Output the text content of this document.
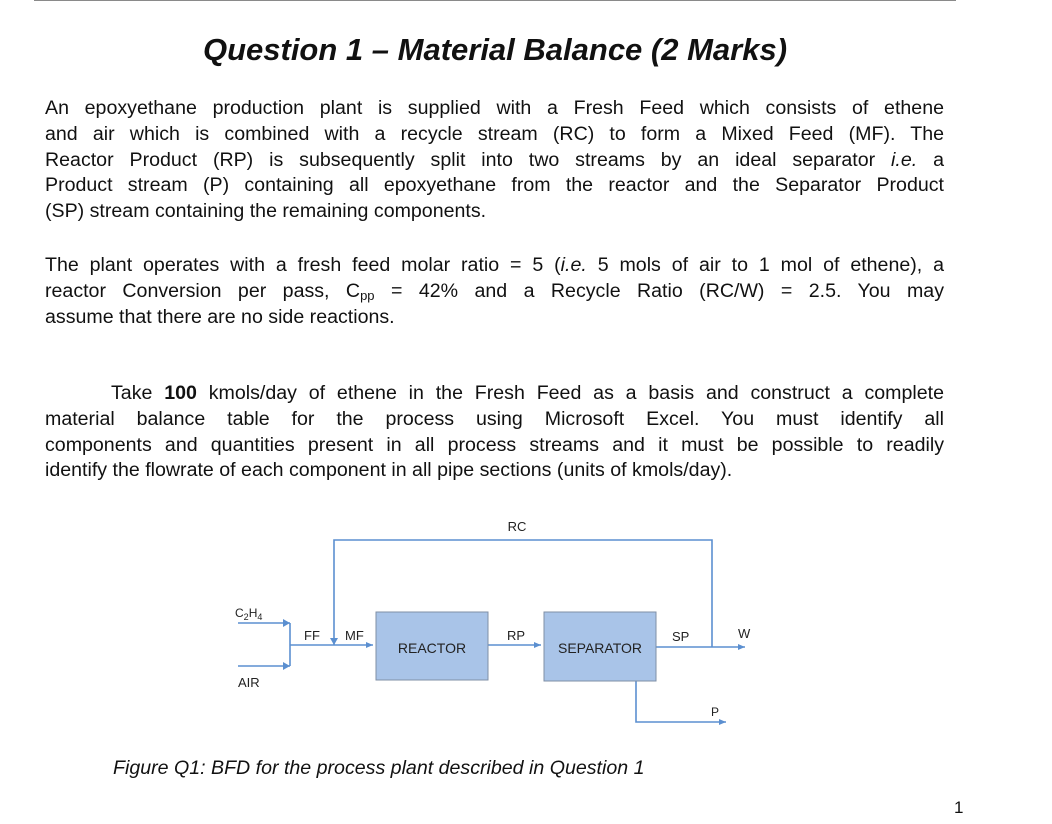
Question 1 – Material Balance (2 Marks)
An epoxyethane production plant is supplied with a Fresh Feed which consists of ethene
and air which is combined with a recycle stream (RC) to form a Mixed Feed (MF). The
Reactor Product (RP) is subsequently split into two streams by an ideal separator i.e. a
Product stream (P) containing all epoxyethane from the reactor and the Separator Product
(SP) stream containing the remaining components.
The plant operates with a fresh feed molar ratio = 5 (i.e. 5 mols of air to 1 mol of ethene), a
reactor Conversion per pass, $C_{pp} = 42\%$ and a Recycle Ratio (RC/W) = 2.5. You may
assume that there are no side reactions.
Take 100 kmols/day of ethene in the Fresh Feed as a basis and construct a complete
material balance table for the process using Microsoft Excel. You must identify all
components and quantities present in all process streams and it must be possible to readily
identify the flowrate of each component in all pipe sections (units of kmols/day).
REACTOR	SEPARATOR
RC
$C_2H_4$
AIR
FF MF	RP	SP	W
P
Figure Q1: BFD for the process plant described in Question 1
1
